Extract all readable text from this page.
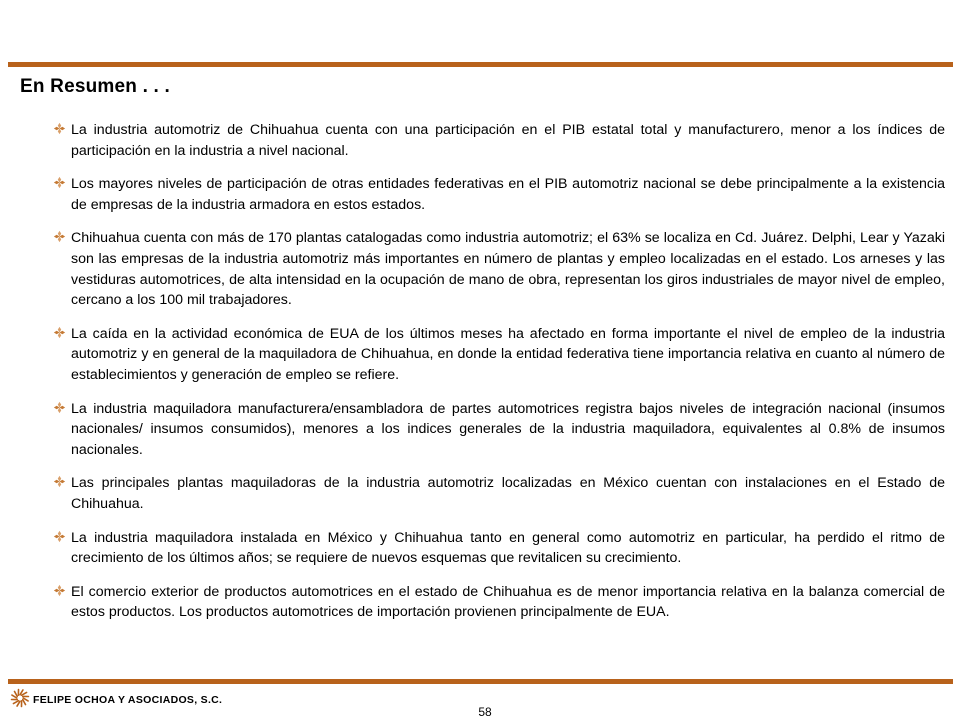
En Resumen . . .
La industria automotriz de Chihuahua cuenta con una participación en el PIB estatal total y manufacturero, menor a los índices de participación en la industria a nivel nacional.
Los mayores niveles de participación de otras entidades federativas en el PIB automotriz nacional se debe principalmente a la existencia de empresas de la industria armadora en estos estados.
Chihuahua cuenta con más de 170 plantas catalogadas como industria automotriz; el 63% se localiza en Cd. Juárez. Delphi, Lear y Yazaki son las empresas de la industria automotriz más importantes en número de plantas y empleo localizadas en el estado. Los arneses y las vestiduras automotrices, de alta intensidad en la ocupación de mano de obra, representan los giros industriales de mayor nivel de empleo, cercano a los 100 mil trabajadores.
La caída en la actividad económica de EUA de los últimos meses ha afectado en forma importante el nivel de empleo de la industria automotriz y en general de la maquiladora de Chihuahua, en donde la entidad federativa tiene importancia relativa en cuanto al número de establecimientos y generación de empleo se refiere.
La industria maquiladora manufacturera/ensambladora de partes automotrices registra bajos niveles de integración nacional (insumos nacionales/ insumos consumidos), menores a los indices generales de la industria maquiladora, equivalentes al 0.8% de insumos nacionales.
Las principales plantas maquiladoras de la industria automotriz localizadas en México cuentan con instalaciones en el Estado de Chihuahua.
La industria maquiladora instalada en México y Chihuahua tanto en general como automotriz en particular, ha perdido el ritmo de crecimiento de los últimos años; se requiere de nuevos esquemas que revitalicen su crecimiento.
El comercio exterior de productos automotrices en el estado de Chihuahua es de menor importancia relativa en la balanza comercial de estos productos. Los productos automotrices de importación provienen principalmente de EUA.
FELIPE OCHOA Y ASOCIADOS, S.C.
58
